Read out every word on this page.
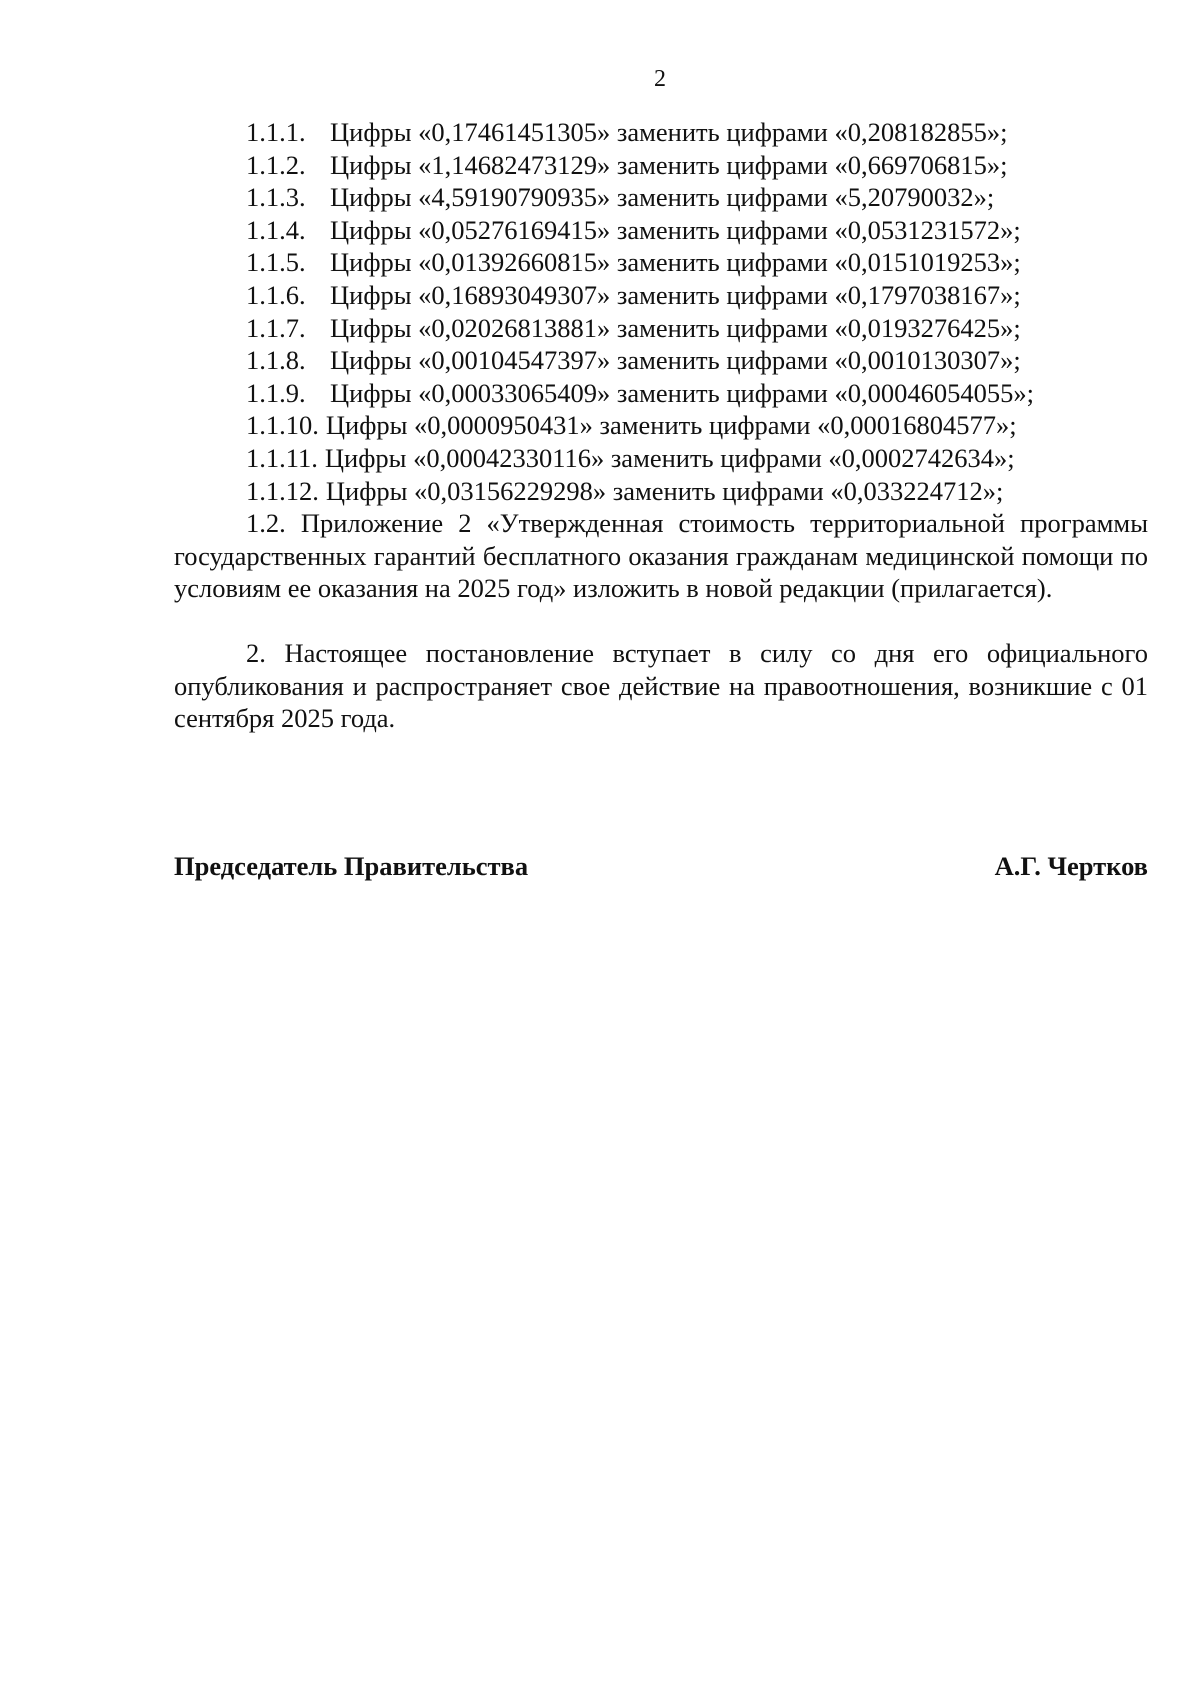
2
1.1.1. Цифры «0,17461451305» заменить цифрами «0,208182855»;
1.1.2. Цифры «1,14682473129» заменить цифрами «0,669706815»;
1.1.3. Цифры «4,59190790935» заменить цифрами «5,20790032»;
1.1.4. Цифры «0,05276169415» заменить цифрами «0,0531231572»;
1.1.5. Цифры «0,01392660815» заменить цифрами «0,0151019253»;
1.1.6. Цифры «0,16893049307» заменить цифрами «0,1797038167»;
1.1.7. Цифры «0,02026813881» заменить цифрами «0,0193276425»;
1.1.8. Цифры «0,00104547397» заменить цифрами «0,0010130307»;
1.1.9. Цифры «0,00033065409» заменить цифрами «0,00046054055»;
1.1.10. Цифры «0,0000950431» заменить цифрами «0,00016804577»;
1.1.11. Цифры «0,00042330116» заменить цифрами «0,0002742634»;
1.1.12. Цифры «0,03156229298» заменить цифрами «0,033224712»;

1.2. Приложение 2 «Утвержденная стоимость территориальной программы государственных гарантий бесплатного оказания гражданам медицинской помощи по условиям ее оказания на 2025 год» изложить в новой редакции (прилагается).

2. Настоящее постановление вступает в силу со дня его официального опубликования и распространяет свое действие на правоотношения, возникшие с 01 сентября 2025 года.

Председатель Правительства	А.Г. Чертков
